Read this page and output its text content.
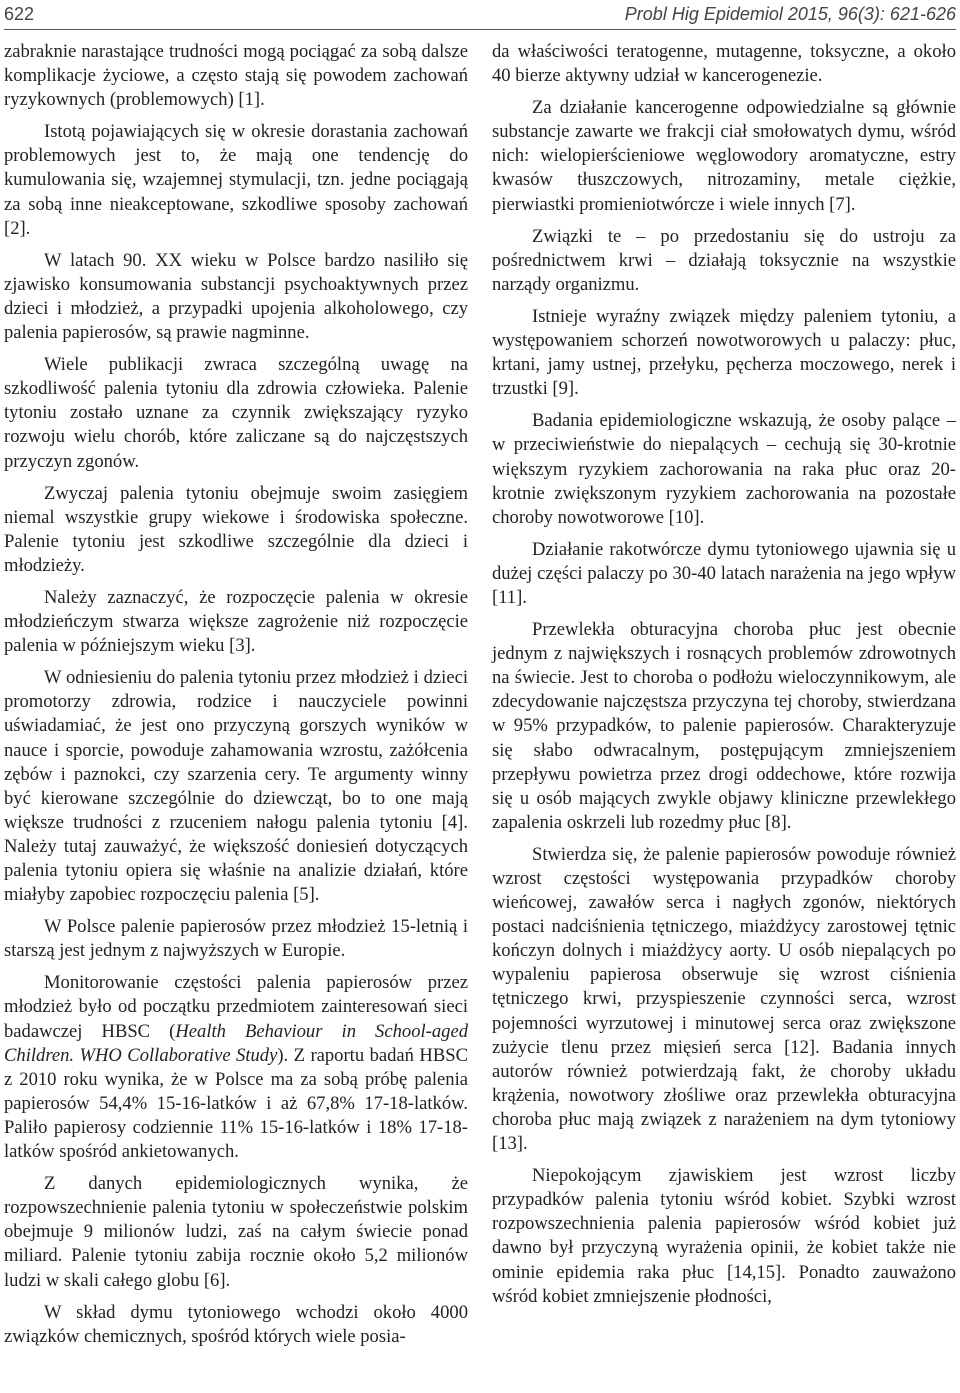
622	Probl Hig Epidemiol 2015, 96(3): 621-626

zabraknie narastające trudności mogą pociągać za sobą dalsze komplikacje życiowe, a często stają się powodem zachowań ryzykownych (problemowych) [1].

Istotą pojawiających się w okresie dorastania zachowań problemowych jest to, że mają one tendencję do kumulowania się, wzajemnej stymulacji, tzn. jedne pociągają za sobą inne nieakceptowane, szkodliwe sposoby zachowań [2].

W latach 90. XX wieku w Polsce bardzo nasiliło się zjawisko konsumowania substancji psychoaktywnych przez dzieci i młodzież, a przypadki upojenia alkoholowego, czy palenia papierosów, są prawie nagminne.

Wiele publikacji zwraca szczególną uwagę na szkodliwość palenia tytoniu dla zdrowia człowieka. Palenie tytoniu zostało uznane za czynnik zwiększający ryzyko rozwoju wielu chorób, które zaliczane są do najczęstszych przyczyn zgonów.

Zwyczaj palenia tytoniu obejmuje swoim zasięgiem niemal wszystkie grupy wiekowe i środowiska społeczne. Palenie tytoniu jest szkodliwe szczególnie dla dzieci i młodzieży.

Należy zaznaczyć, że rozpoczęcie palenia w okresie młodzieńczym stwarza większe zagrożenie niż rozpoczęcie palenia w późniejszym wieku [3].

W odniesieniu do palenia tytoniu przez młodzież i dzieci promotorzy zdrowia, rodzice i nauczyciele powinni uświadamiać, że jest ono przyczyną gorszych wyników w nauce i sporcie, powoduje zahamowania wzrostu, zażółcenia zębów i paznokci, czy szarzenia cery. Te argumenty winny być kierowane szczególnie do dziewcząt, bo to one mają większe trudności z rzuceniem nałogu palenia tytoniu [4]. Należy tutaj zauważyć, że większość doniesień dotyczących palenia tytoniu opiera się właśnie na analizie działań, które miałyby zapobiec rozpoczęciu palenia [5].

W Polsce palenie papierosów przez młodzież 15-letnią i starszą jest jednym z najwyższych w Europie.

Monitorowanie częstości palenia papierosów przez młodzież było od początku przedmiotem zainteresowań sieci badawczej HBSC (Health Behaviour in School-aged Children. WHO Collaborative Study). Z raportu badań HBSC z 2010 roku wynika, że w Polsce ma za sobą próbę palenia papierosów 54,4% 15-16-latków i aż 67,8% 17-18-latków. Paliło papierosy codziennie 11% 15-16-latków i 18% 17-18-latków spośród ankietowanych.

Z danych epidemiologicznych wynika, że rozpowszechnienie palenia tytoniu w społeczeństwie polskim obejmuje 9 milionów ludzi, zaś na całym świecie ponad miliard. Palenie tytoniu zabija rocznie około 5,2 milionów ludzi w skali całego globu [6].

W skład dymu tytoniowego wchodzi około 4000 związków chemicznych, spośród których wiele posia-

da właściwości teratogenne, mutagenne, toksyczne, a około 40 bierze aktywny udział w kancerogenezie.

Za działanie kancerogenne odpowiedzialne są głównie substancje zawarte we frakcji ciał smołowatych dymu, wśród nich: wielopierścieniowe węglowodory aromatyczne, estry kwasów tłuszczowych, nitrozaminy, metale ciężkie, pierwiastki promieniotwórcze i wiele innych [7].

Związki te – po przedostaniu się do ustroju za pośrednictwem krwi – działają toksycznie na wszystkie narządy organizmu.

Istnieje wyraźny związek między paleniem tytoniu, a występowaniem schorzeń nowotworowych u palaczy: płuc, krtani, jamy ustnej, przełyku, pęcherza moczowego, nerek i trzustki [9].

Badania epidemiologiczne wskazują, że osoby palące – w przeciwieństwie do niepalących – cechują się 30-krotnie większym ryzykiem zachorowania na raka płuc oraz 20-krotnie zwiększonym ryzykiem zachorowania na pozostałe choroby nowotworowe [10].

Działanie rakotwórcze dymu tytoniowego ujawnia się u dużej części palaczy po 30-40 latach narażenia na jego wpływ [11].

Przewlekła obturacyjna choroba płuc jest obecnie jednym z największych i rosnących problemów zdrowotnych na świecie. Jest to choroba o podłożu wieloczynnikowym, ale zdecydowanie najczęstsza przyczyna tej choroby, stwierdzana w 95% przypadków, to palenie papierosów. Charakteryzuje się słabo odwracalnym, postępującym zmniejszeniem przepływu powietrza przez drogi oddechowe, które rozwija się u osób mających zwykle objawy kliniczne przewlekłego zapalenia oskrzeli lub rozedmy płuc [8].

Stwierdza się, że palenie papierosów powoduje również wzrost częstości występowania przypadków choroby wieńcowej, zawałów serca i nagłych zgonów, niektórych postaci nadciśnienia tętniczego, miażdżycy zarostowej tętnic kończyn dolnych i miażdżycy aorty. U osób niepalących po wypaleniu papierosa obserwuje się wzrost ciśnienia tętniczego krwi, przyspieszenie czynności serca, wzrost pojemności wyrzutowej i minutowej serca oraz zwiększone zużycie tlenu przez mięsień serca [12]. Badania innych autorów również potwierdzają fakt, że choroby układu krążenia, nowotwory złośliwe oraz przewlekła obturacyjna choroba płuc mają związek z narażeniem na dym tytoniowy [13].

Niepokojącym zjawiskiem jest wzrost liczby przypadków palenia tytoniu wśród kobiet. Szybki wzrost rozpowszechnienia palenia papierosów wśród kobiet już dawno był przyczyną wyrażenia opinii, że kobiet także nie ominie epidemia raka płuc [14,15]. Ponadto zauważono wśród kobiet zmniejszenie płodności,
